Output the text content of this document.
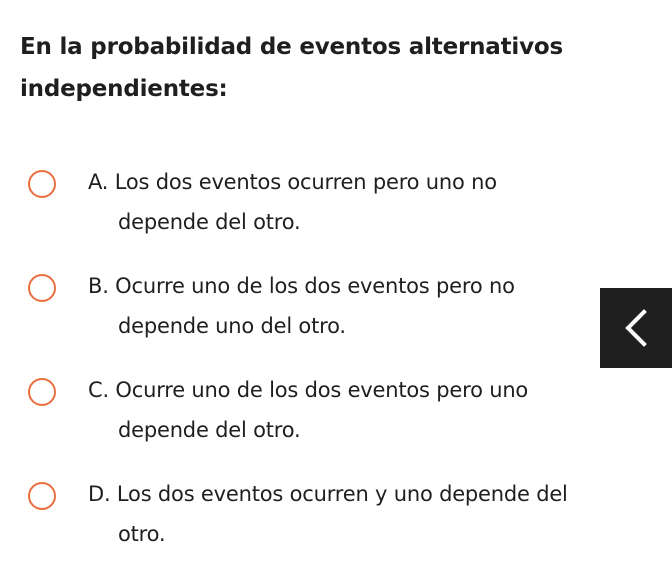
En la probabilidad de eventos alternativos
independientes:
A. Los dos eventos ocurren pero uno no
depende del otro.
B. Ocurre uno de los dos eventos pero no
depende uno del otro.
C. Ocurre uno de los dos eventos pero uno
depende del otro.
D. Los dos eventos ocurren y uno depende del
otro.
